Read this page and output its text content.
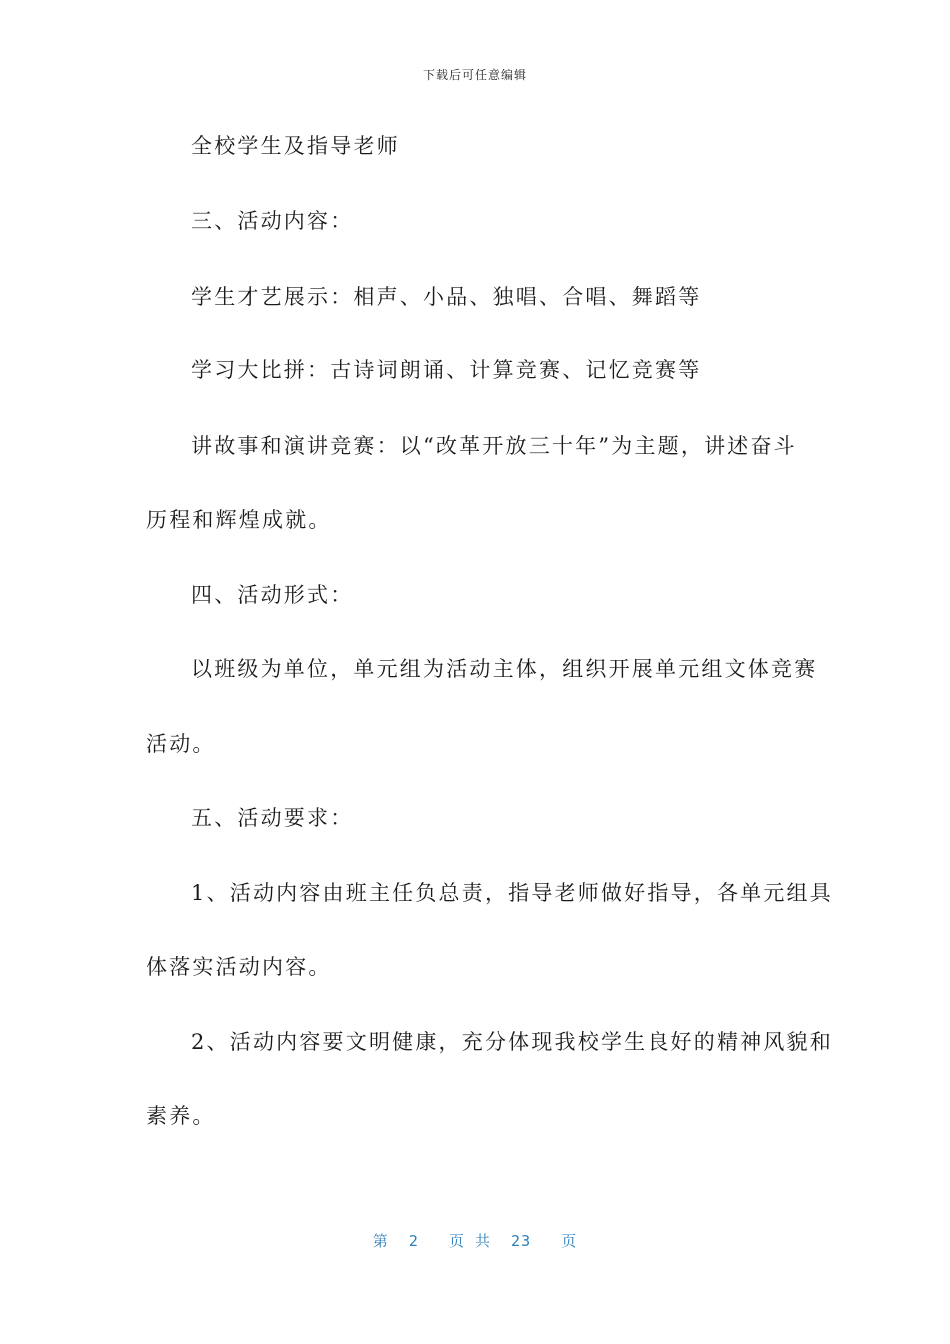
下载后可任意编辑
全校学生及指导老师
三、活动内容：
学生才艺展示：相声、小品、独唱、合唱、舞蹈等
学习大比拼：古诗词朗诵、计算竞赛、记忆竞赛等
讲故事和演讲竞赛：以“改革开放三十年”为主题，讲述奋斗
历程和辉煌成就。
四、活动形式：
以班级为单位，单元组为活动主体，组织开展单元组文体竞赛
活动。
五、活动要求：
1、活动内容由班主任负总责，指导老师做好指导，各单元组具
体落实活动内容。
2、活动内容要文明健康，充分体现我校学生良好的精神风貌和
素养。
第  2   页 共  23   页
